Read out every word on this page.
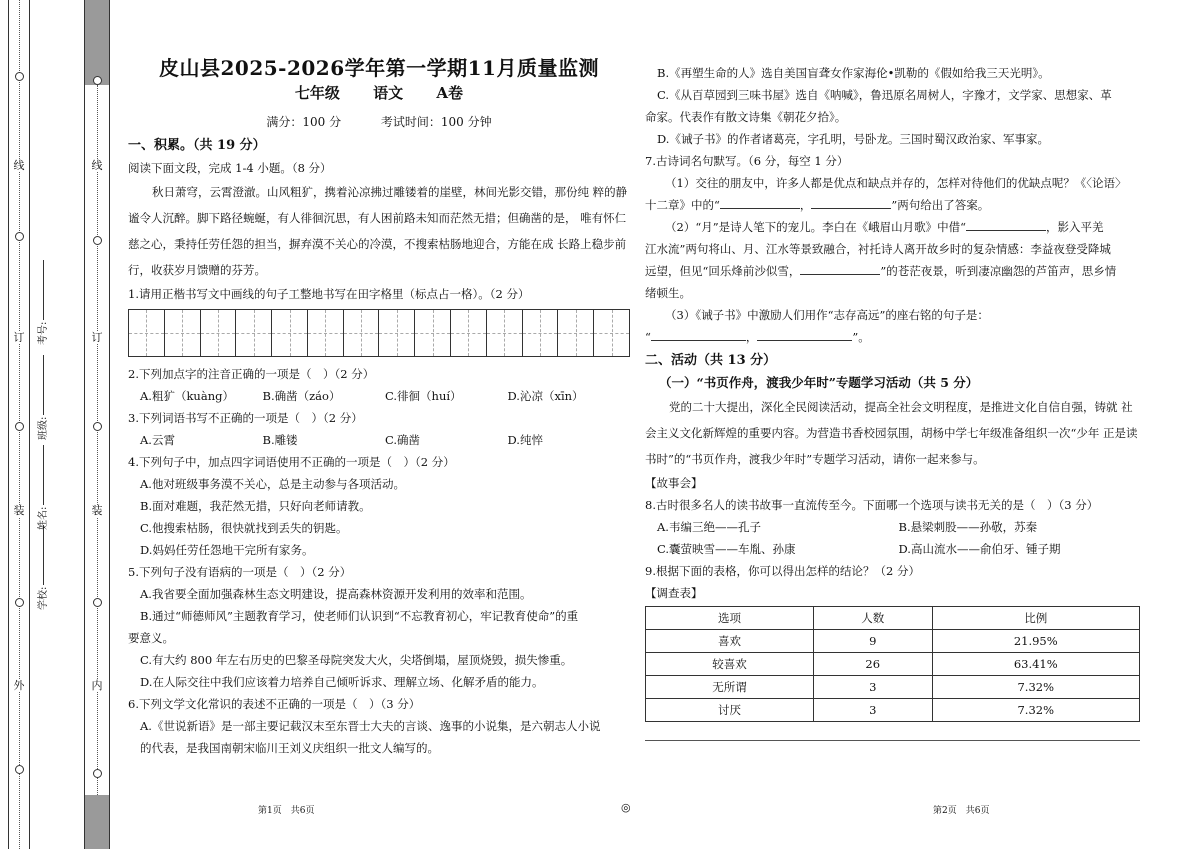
线
订
装
外
学校:
姓名:
班级:
考号:
线
订
装
内
皮山县2025-2026学年第一学期11月质量监测
七年级 语文 A卷
满分：100 分	考试时间：100 分钟
一、积累。（共 19 分）

阅读下面文段，完成 1-4 小题。（8 分）

秋日萧穹，云霄澄澈。山风粗犷，携着沁凉拂过雕镂着的崖壁，林间光影交错，那份纯 粹的静谧令人沉醉。脚下路径蜿蜒，有人徘徊沉思，有人困前路未知而茫然无措；但确凿的是， 唯有怀仁慈之心，秉持任劳任怨的担当，摒弃漠不关心的冷漠，不搜索枯肠地迎合，方能在成 长路上稳步前行，收获岁月馈赠的芬芳。

1.请用正楷书写文中画线的句子工整地书写在田字格里（标点占一格）。（2 分）

2.下列加点字的注音正确的一项是（　）（2 分）

A.粗犷（kuàng）	B.确凿（záo）	C.徘徊（huí）	D.沁凉（xīn）

3.下列词语书写不正确的一项是（　）（2 分）

A.云霄	B.雕镂	C.确凿	D.纯悴

4.下列句子中，加点四字词语使用不正确的一项是（　）（2 分）

A.他对班级事务漠不关心，总是主动参与各项活动。

B.面对难题，我茫然无措，只好向老师请教。

C.他搜索枯肠，很快就找到丢失的钥匙。

D.妈妈任劳任怨地干完所有家务。

5.下列句子没有语病的一项是（　）（2 分）

A.我省要全面加强森林生态文明建设，提高森林资源开发利用的效率和范围。

B.通过“师德师风”主题教育学习，使老师们认识到“不忘教育初心，牢记教育使命”的重

要意义。

C.有大约 800 年左右历史的巴黎圣母院突发大火，尖塔倒塌，屋顶烧毁，损失惨重。

D.在人际交往中我们应该着力培养自己倾听诉求、理解立场、化解矛盾的能力。

6.下列文学文化常识的表述不正确的一项是（　）（3 分）

A.《世说新语》是一部主要记载汉末至东晋士大夫的言谈、逸事的小说集，是六朝志人小说

的代表，是我国南朝宋临川王刘义庆组织一批文人编写的。

B.《再塑生命的人》选自美国盲聋女作家海伦•凯勒的《假如给我三天光明》。

C.《从百草园到三味书屋》选自《呐喊》，鲁迅原名周树人，字豫才，文学家、思想家、革

命家。代表作有散文诗集《朝花夕拾》。

D.《诫子书》的作者诸葛亮，字孔明，号卧龙。三国时蜀汉政治家、军事家。

7.古诗词名句默写。（6 分，每空 1 分）

（1）交往的朋友中，许多人都是优点和缺点并存的，怎样对待他们的优缺点呢？《〈论语〉

十二章》中的“	，	”两句给出了答案。

（2）“月”是诗人笔下的宠儿。李白在《峨眉山月歌》中借“	，影入平羌

江水流”两句将山、月、江水等景致融合，衬托诗人离开故乡时的复杂情感：李益夜登受降城

远望，但见“回乐烽前沙似雪，	”的苍茫夜景，听到凄凉幽怨的芦笛声，思乡情

绪顿生。

（3）《诫子书》中激励人们用作“志存高远”的座右铭的句子是：

“	，	”。

二、活动（共 13 分）
（一）“书页作舟，渡我少年时”专题学习活动（共 5 分）

党的二十大提出，深化全民阅读活动，提高全社会文明程度，是推进文化自信自强，铸就 社会主义文化新辉煌的重要内容。为营造书香校园氛围，胡杨中学七年级准备组织一次“少年 正是读书时”的“书页作舟，渡我少年时”专题学习活动，请你一起来参与。

【故事会】

8.古时很多名人的读书故事一直流传至今。下面哪一个选项与读书无关的是（　）（3 分）

A.韦编三绝——孔子	B.悬梁刺股——孙敬，苏秦
C.囊萤映雪——车胤、孙康	D.高山流水——俞伯牙、锺子期

9.根据下面的表格，你可以得出怎样的结论？（2 分）

【调查表】

选项	人数	比例
喜欢	9	21.95%
较喜欢	26	63.41%
无所谓	3	7.32%
讨厌	3	7.32%
第1页　共6页	◎	第2页　共6页
